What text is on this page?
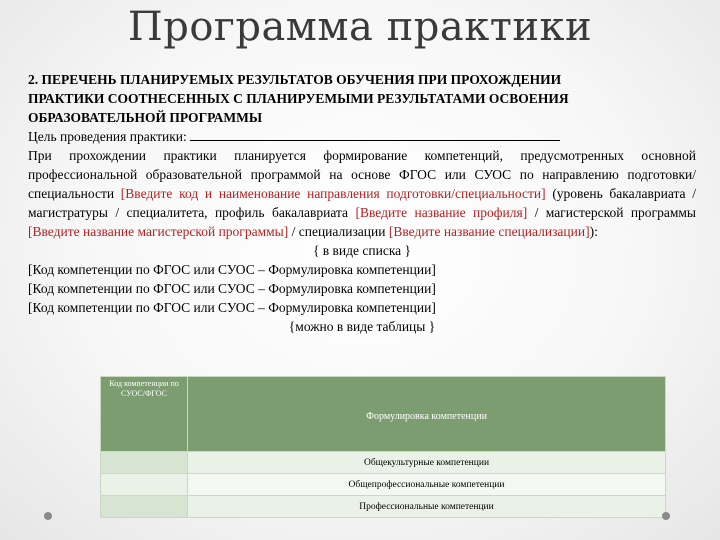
Программа практики

2. ПЕРЕЧЕНЬ ПЛАНИРУЕМЫХ РЕЗУЛЬТАТОВ ОБУЧЕНИЯ ПРИ ПРОХОЖДЕНИИ

ПРАКТИКИ СООТНЕСЕННЫХ С ПЛАНИРУЕМЫМИ РЕЗУЛЬТАТАМИ ОСВОЕНИЯ

ОБРАЗОВАТЕЛЬНОЙ ПРОГРАММЫ

Цель проведения практики:

При прохождении практики планируется формирование компетенций, предусмотренных основной профессиональной образовательной программой на основе ФГОС или СУОС по направлению подготовки/специальности [Введите код и наименование направления подготовки/специальности] (уровень бакалавриата / магистратуры / специалитета, профиль бакалавриата [Введите название профиля] / магистерской программы [Введите название магистерской программы] / специализации [Введите название специализации]):

{ в виде списка }

[Код компетенции по ФГОС или СУОС – Формулировка компетенции]

[Код компетенции по ФГОС или СУОС – Формулировка компетенции]

[Код компетенции по ФГОС или СУОС – Формулировка компетенции]

{можно в виде таблицы }

Код компетенции по СУОС/ФГОС	Формулировка компетенции
	Общекультурные компетенции
	Общепрофессиональные компетенции
	Профессиональные компетенции
